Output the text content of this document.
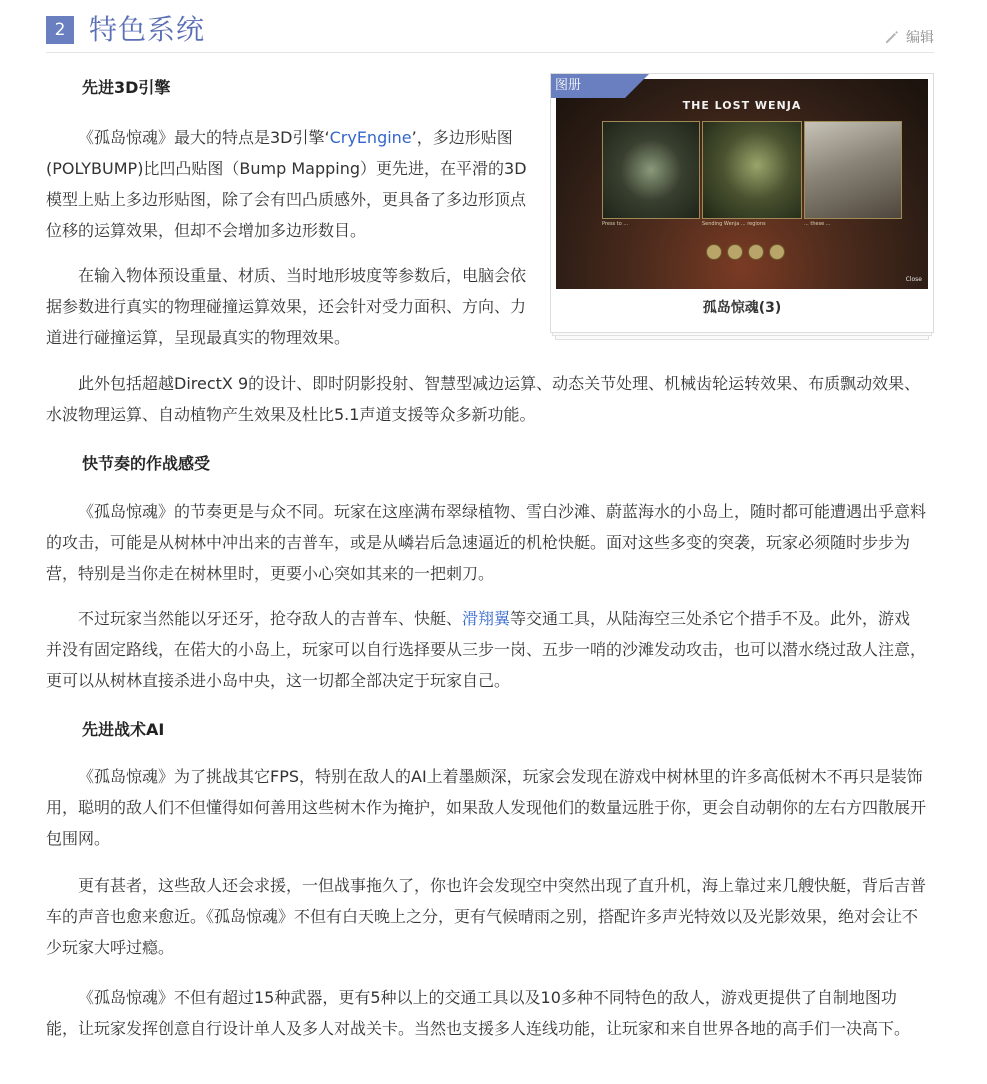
2 特色系统	编辑
THE LOST WENJA
Press to ...	Sending Wenja ... regions	... these ...
Close
图册
孤岛惊魂(3)
先进3D引擎

《孤岛惊魂》最大的特点是3D引擎‘CryEngine’，多边形贴图(POLYBUMP)比凹凸贴图（Bump Mapping）更先进，在平滑的3D模型上贴上多边形贴图，除了会有凹凸质感外，更具备了多边形顶点位移的运算效果，但却不会增加多边形数目。

在输入物体预设重量、材质、当时地形坡度等参数后，电脑会依据参数进行真实的物理碰撞运算效果，还会针对受力面积、方向、力道进行碰撞运算，呈现最真实的物理效果。

此外包括超越DirectX 9的设计、即时阴影投射、智慧型减边运算、动态关节处理、机械齿轮运转效果、布质飘动效果、水波物理运算、自动植物产生效果及杜比5.1声道支援等众多新功能。

快节奏的作战感受

《孤岛惊魂》的节奏更是与众不同。玩家在这座满布翠绿植物、雪白沙滩、蔚蓝海水的小岛上，随时都可能遭遇出乎意料的攻击，可能是从树林中冲出来的吉普车，或是从嶙岩后急速逼近的机枪快艇。面对这些多变的突袭，玩家必须随时步步为营，特别是当你走在树林里时，更要小心突如其来的一把刺刀。

不过玩家当然能以牙还牙，抢夺敌人的吉普车、快艇、滑翔翼等交通工具，从陆海空三处杀它个措手不及。此外，游戏并没有固定路线，在偌大的小岛上，玩家可以自行选择要从三步一岗、五步一哨的沙滩发动攻击，也可以潜水绕过敌人注意，更可以从树林直接杀进小岛中央，这一切都全部决定于玩家自己。

先进战术AI

《孤岛惊魂》为了挑战其它FPS，特别在敌人的AI上着墨颇深，玩家会发现在游戏中树林里的许多高低树木不再只是装饰用，聪明的敌人们不但懂得如何善用这些树木作为掩护，如果敌人发现他们的数量远胜于你，更会自动朝你的左右方四散展开包围网。

更有甚者，这些敌人还会求援，一但战事拖久了，你也许会发现空中突然出现了直升机，海上靠过来几艘快艇，背后吉普车的声音也愈来愈近。《孤岛惊魂》不但有白天晚上之分，更有气候晴雨之别，搭配许多声光特效以及光影效果，绝对会让不少玩家大呼过瘾。

《孤岛惊魂》不但有超过15种武器，更有5种以上的交通工具以及10多种不同特色的敌人，游戏更提供了自制地图功能，让玩家发挥创意自行设计单人及多人对战关卡。当然也支援多人连线功能，让玩家和来自世界各地的高手们一决高下。
